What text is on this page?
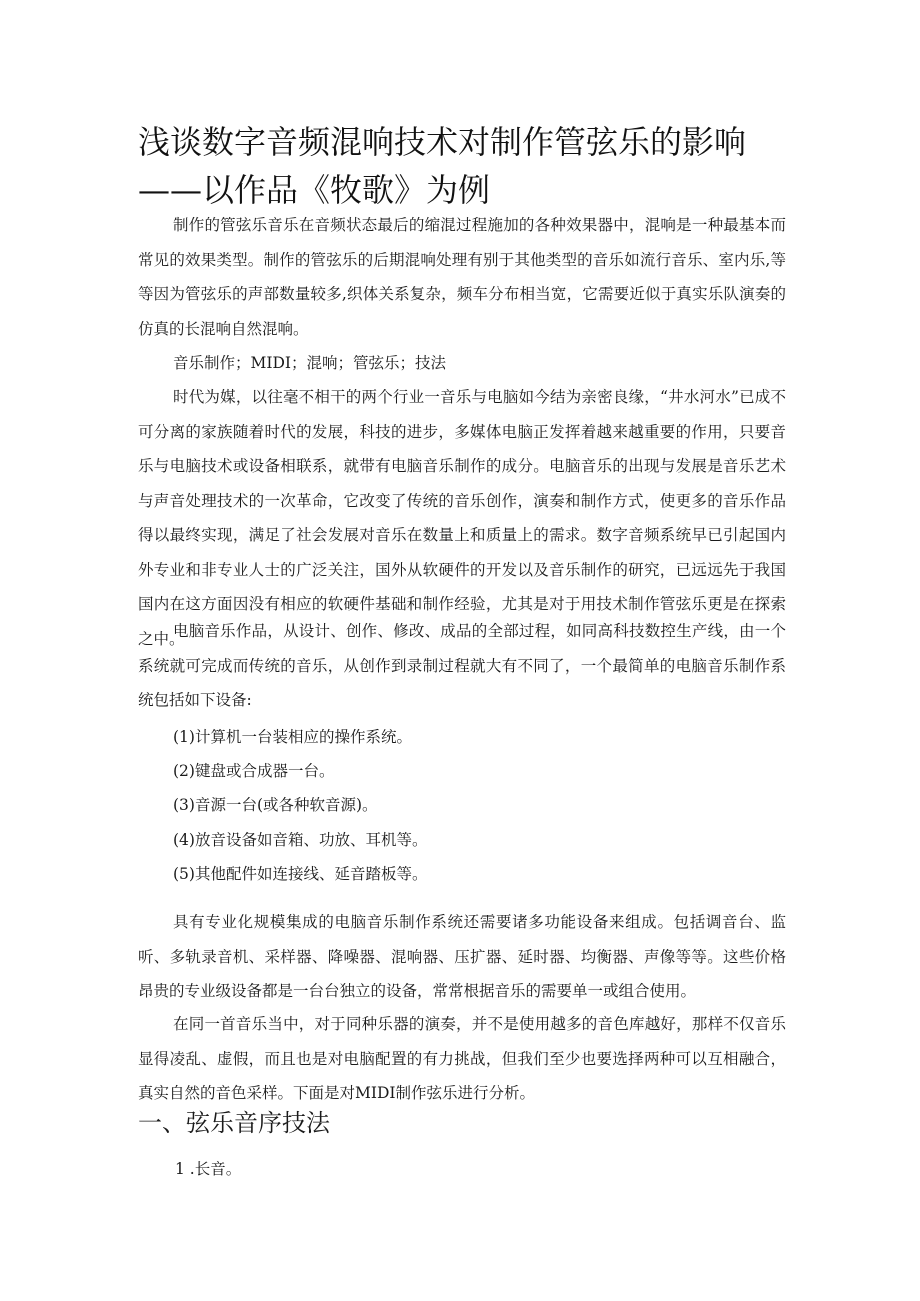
浅谈数字音频混响技术对制作管弦乐的影响——以作品《牧歌》为例

制作的管弦乐音乐在音频状态最后的缩混过程施加的各种效果器中，混响是一种最基本而常见的效果类型。制作的管弦乐的后期混响处理有别于其他类型的音乐如流行音乐、室内乐,等等因为管弦乐的声部数量较多,织体关系复杂，频车分布相当宽，它需要近似于真实乐队演奏的仿真的长混响自然混响。

音乐制作；MIDI；混响；管弦乐；技法

时代为媒，以往毫不相干的两个行业一音乐与电脑如今结为亲密良缘，“井水河水”已成不可分离的家族随着时代的发展，科技的进步，多媒体电脑正发挥着越来越重要的作用，只要音乐与电脑技术或设备相联系，就带有电脑音乐制作的成分。电脑音乐的出现与发展是音乐艺术与声音处理技术的一次革命，它改变了传统的音乐创作，演奏和制作方式，使更多的音乐作品得以最终实现，满足了社会发展对音乐在数量上和质量上的需求。数字音频系统早已引起国内外专业和非专业人士的广泛关注，国外从软硬件的开发以及音乐制作的研究，已远远先于我国国内在这方面因没有相应的软硬件基础和制作经验，尤其是对于用技术制作管弦乐更是在探索之中。

电脑音乐作品，从设计、创作、修改、成品的全部过程，如同高科技数控生产线，由一个系统就可完成而传统的音乐，从创作到录制过程就大有不同了，一个最简单的电脑音乐制作系统包括如下设备:

(1)计算机一台装相应的操作系统。

(2)键盘或合成器一台。

(3)音源一台(或各种软音源)。

(4)放音设备如音箱、功放、耳机等。

(5)其他配件如连接线、延音踏板等。

具有专业化规模集成的电脑音乐制作系统还需要诸多功能设备来组成。包括调音台、监听、多轨录音机、采样器、降噪器、混响器、压扩器、延时器、均衡器、声像等等。这些价格昂贵的专业级设备都是一台台独立的设备，常常根据音乐的需要单一或组合使用。

在同一首音乐当中，对于同种乐器的演奏，并不是使用越多的音色库越好，那样不仅音乐显得凌乱、虚假，而且也是对电脑配置的有力挑战，但我们至少也要选择两种可以互相融合，真实自然的音色采样。下面是对MIDI制作弦乐进行分析。

一、弦乐音序技法

1 .长音。
